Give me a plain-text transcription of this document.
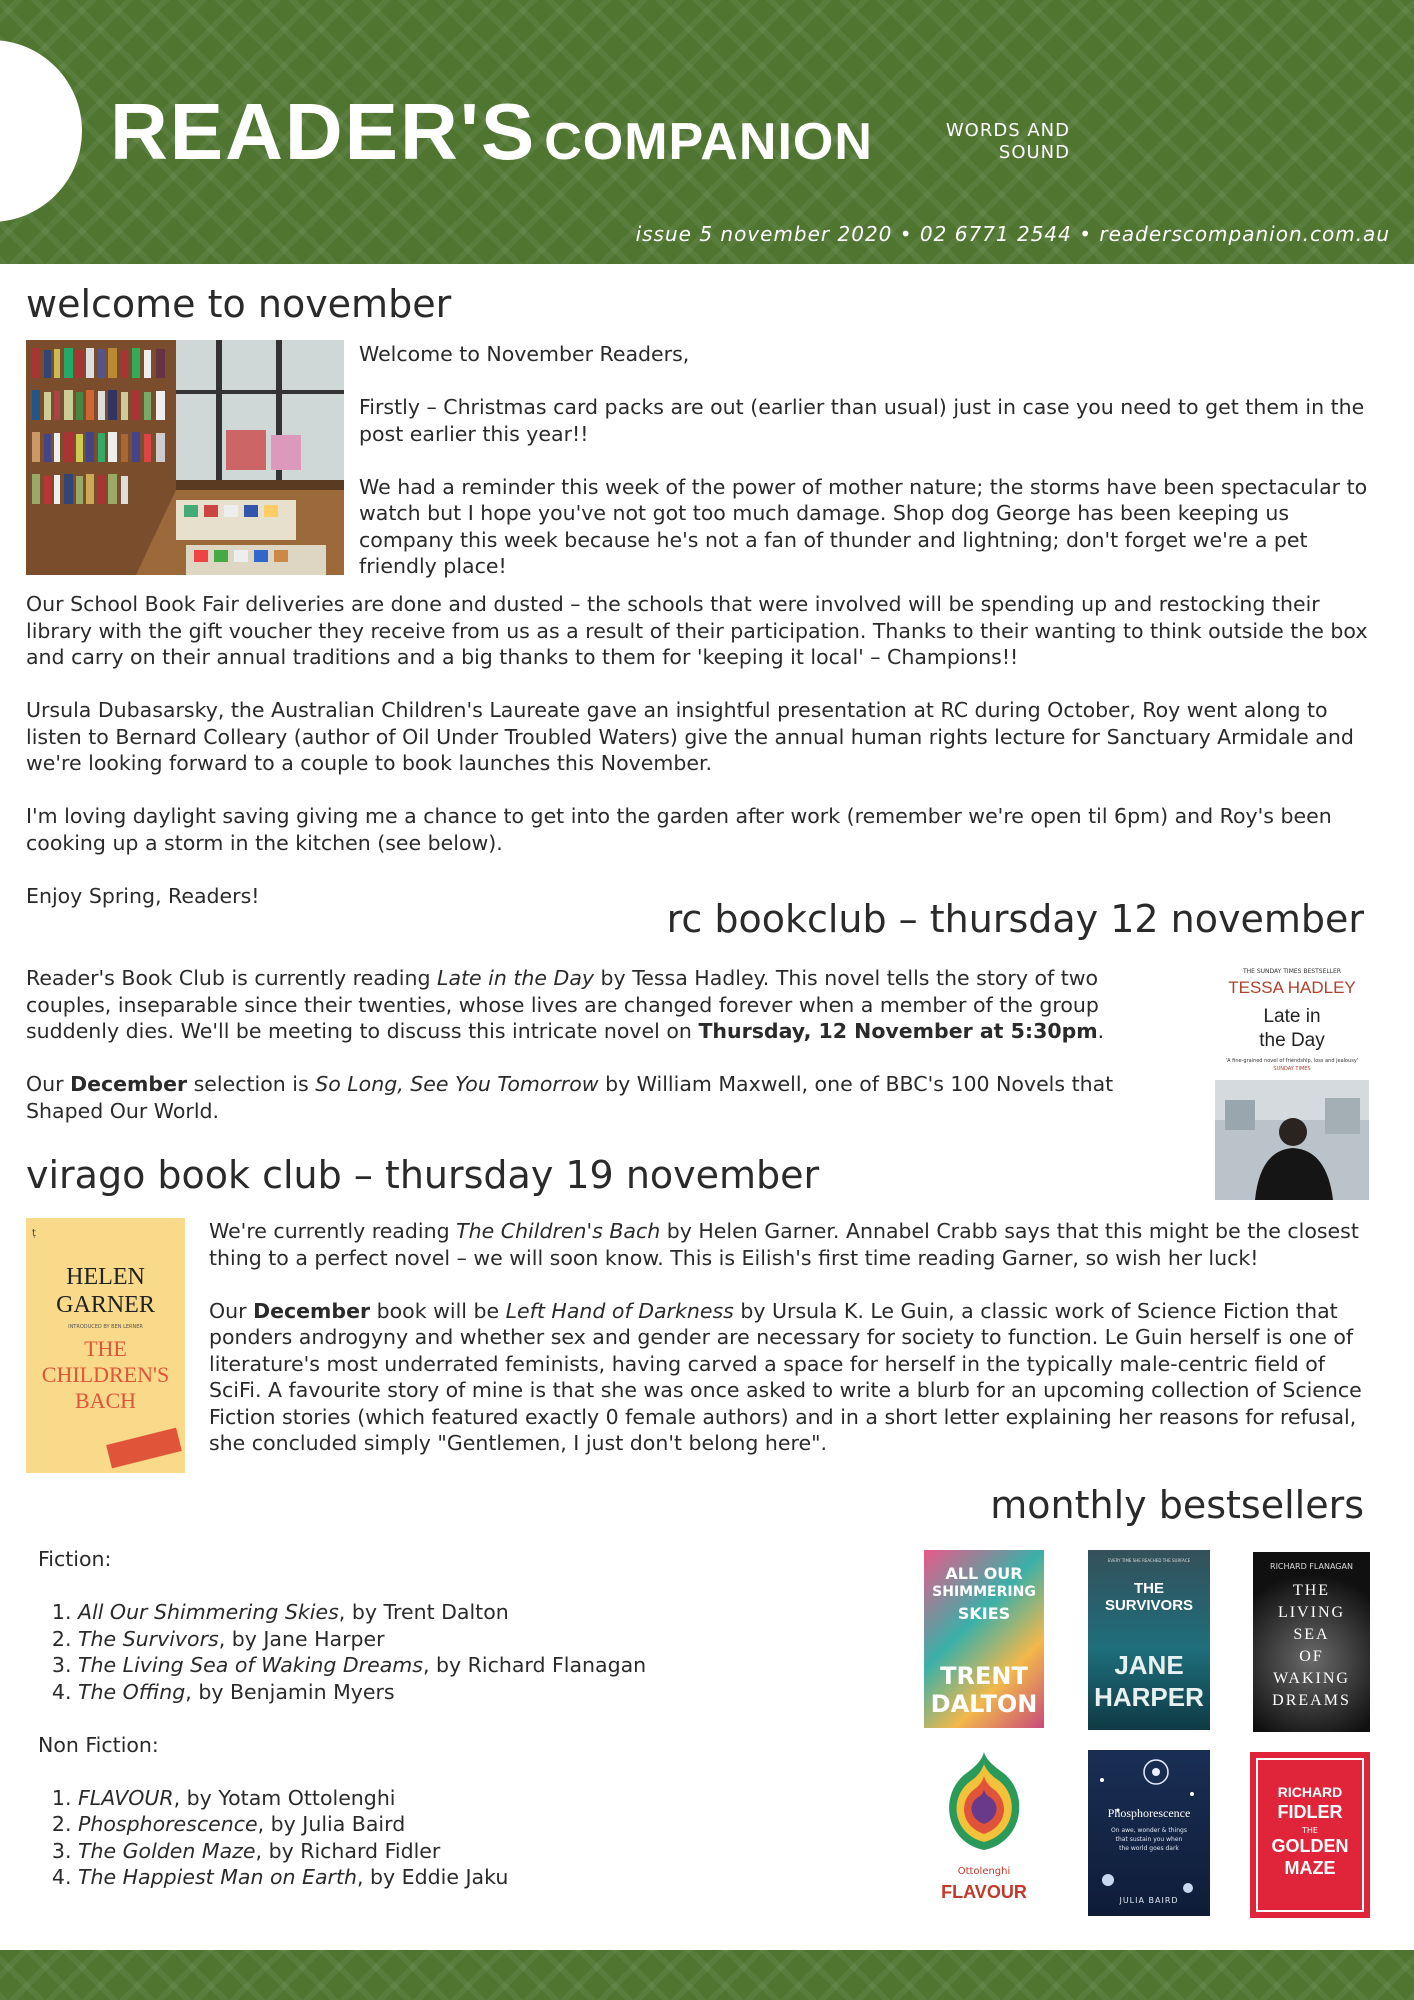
READER'S COMPANION	WORDS AND
SOUND
issue 5 november 2020 • 02 6771 2544 • readerscompanion.com.au
welcome to november

Welcome to November Readers,

Firstly – Christmas card packs are out (earlier than usual) just in case you need to get them in the post earlier this year!!

We had a reminder this week of the power of mother nature; the storms have been spectacular to watch but I hope you've not got too much damage. Shop dog George has been keeping us company this week because he's not a fan of thunder and lightning; don't forget we're a pet friendly place!

Our School Book Fair deliveries are done and dusted – the schools that were involved will be spending up and restocking their library with the gift voucher they receive from us as a result of their participation. Thanks to their wanting to think outside the box and carry on their annual traditions and a big thanks to them for 'keeping it local' – Champions!!

Ursula Dubasarsky, the Australian Children's Laureate gave an insightful presentation at RC during October, Roy went along to listen to Bernard Colleary (author of Oil Under Troubled Waters) give the annual human rights lecture for Sanctuary Armidale and we're looking forward to a couple to book launches this November.

I'm loving daylight saving giving me a chance to get into the garden after work (remember we're open til 6pm) and Roy's been cooking up a storm in the kitchen (see below).

Enjoy Spring, Readers!

rc bookclub – thursday 12 november

Reader's Book Club is currently reading Late in the Day by Tessa Hadley. This novel tells the story of two couples, inseparable since their twenties, whose lives are changed forever when a member of the group suddenly dies. We'll be meeting to discuss this intricate novel on Thursday, 12 November at 5:30pm.

Our December selection is So Long, See You Tomorrow by William Maxwell, one of BBC's 100 Novels that Shaped Our World.

THE SUNDAY TIMES BESTSELLER
TESSA HADLEY
Late in
the Day
'A fine-grained novel of friendship, loss and jealousy'
SUNDAY TIMES
virago book club – thursday 19 november
ṭ
HELEN
GARNER
INTRODUCED BY BEN LERNER
THE
CHILDREN'S
BACH

We're currently reading The Children's Bach by Helen Garner. Annabel Crabb says that this might be the closest thing to a perfect novel – we will soon know. This is Eilish's first time reading Garner, so wish her luck!

Our December book will be Left Hand of Darkness by Ursula K. Le Guin, a classic work of Science Fiction that ponders androgyny and whether sex and gender are necessary for society to function. Le Guin herself is one of literature's most underrated feminists, having carved a space for herself in the typically male-centric field of SciFi. A favourite story of mine is that she was once asked to write a blurb for an upcoming collection of Science Fiction stories (which featured exactly 0 female authors) and in a short letter explaining her reasons for refusal, she concluded simply "Gentlemen, I just don't belong here".

monthly bestsellers

Fiction:

1. All Our Shimmering Skies, by Trent Dalton
2. The Survivors, by Jane Harper
3. The Living Sea of Waking Dreams, by Richard Flanagan
4. The Offing, by Benjamin Myers

Non Fiction:

1. FLAVOUR, by Yotam Ottolenghi
2. Phosphorescence, by Julia Baird
3. The Golden Maze, by Richard Fidler
4. The Happiest Man on Earth, by Eddie Jaku
ALL OUR
SHIMMERING
SKIES
TRENT
DALTON
EVERY TIME SHE REACHED THE SURFACE
THE SURVIVORS
JANE
HARPER
RICHARD FLANAGAN
THE
LIVING
SEA
OF
WAKING
DREAMS
Ottolenghi
FLAVOUR
Phosphorescence
On awe, wonder & things that sustain you when the world goes dark
JULIA BAIRD
RICHARD
FIDLER
THE
GOLDEN
MAZE
